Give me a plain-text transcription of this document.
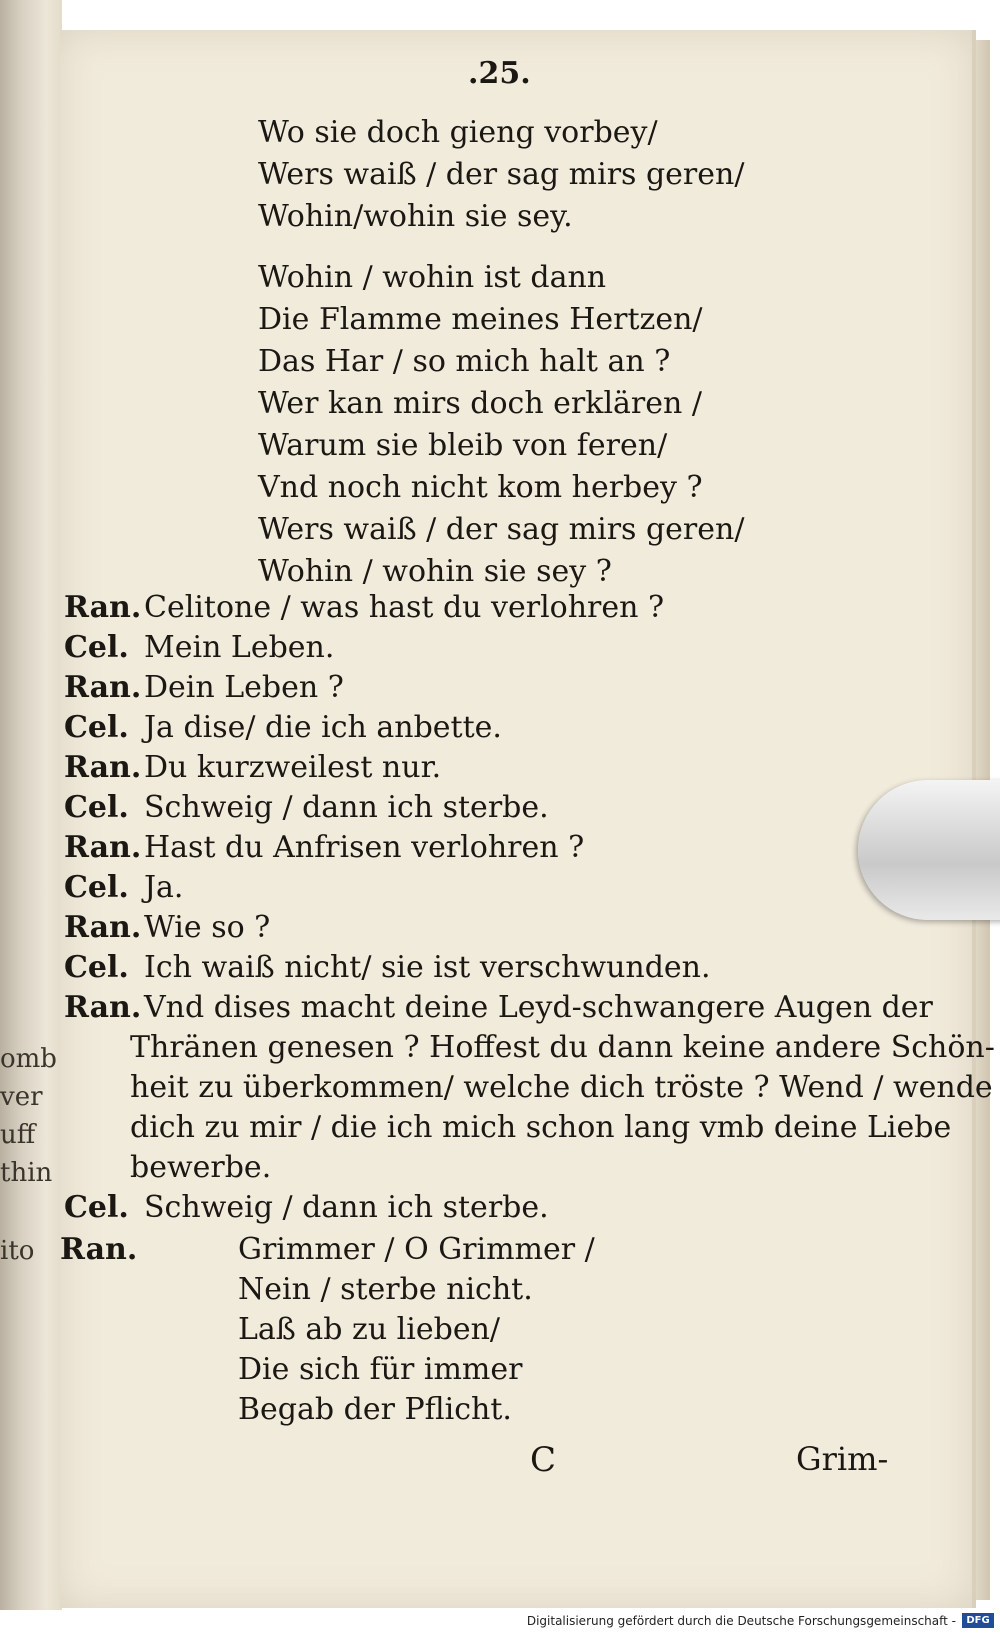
omb
ver
uff
thin
ito
.25.
Wo sie doch gieng vorbey/
Wers waiß / der sag mirs geren/
Wohin/wohin sie sey.
Wohin / wohin ist dann
Die Flamme meines Hertzen/
Das Har / so mich halt an ?
Wer kan mirs doch erklären /
Warum sie bleib von feren/
Vnd noch nicht kom herbey ?
Wers waiß / der sag mirs geren/
Wohin / wohin sie sey ?
Ran. Celitone / was hast du verlohren ?
Cel. Mein Leben.
Ran. Dein Leben ?
Cel. Ja dise/ die ich anbette.
Ran. Du kurzweilest nur.
Cel. Schweig / dann ich sterbe.
Ran. Hast du Anfrisen verlohren ?
Cel. Ja.
Ran. Wie so ?
Cel. Ich waiß nicht/ sie ist verschwunden.
Ran. Vnd dises macht deine Leyd-schwangere Augen der
Thränen genesen ? Hoffest du dann keine andere Schön-
heit zu überkommen/ welche dich tröste ? Wend / wende
dich zu mir / die ich mich schon lang vmb deine Liebe
bewerbe.
Cel. Schweig / dann ich sterbe.
Ran.	Grimmer / O Grimmer /
Nein / sterbe nicht.
Laß ab zu lieben/
Die sich für immer
Begab der Pflicht.
C	Grim-
Digitalisierung gefördert durch die Deutsche Forschungsgemeinschaft -	DFG
